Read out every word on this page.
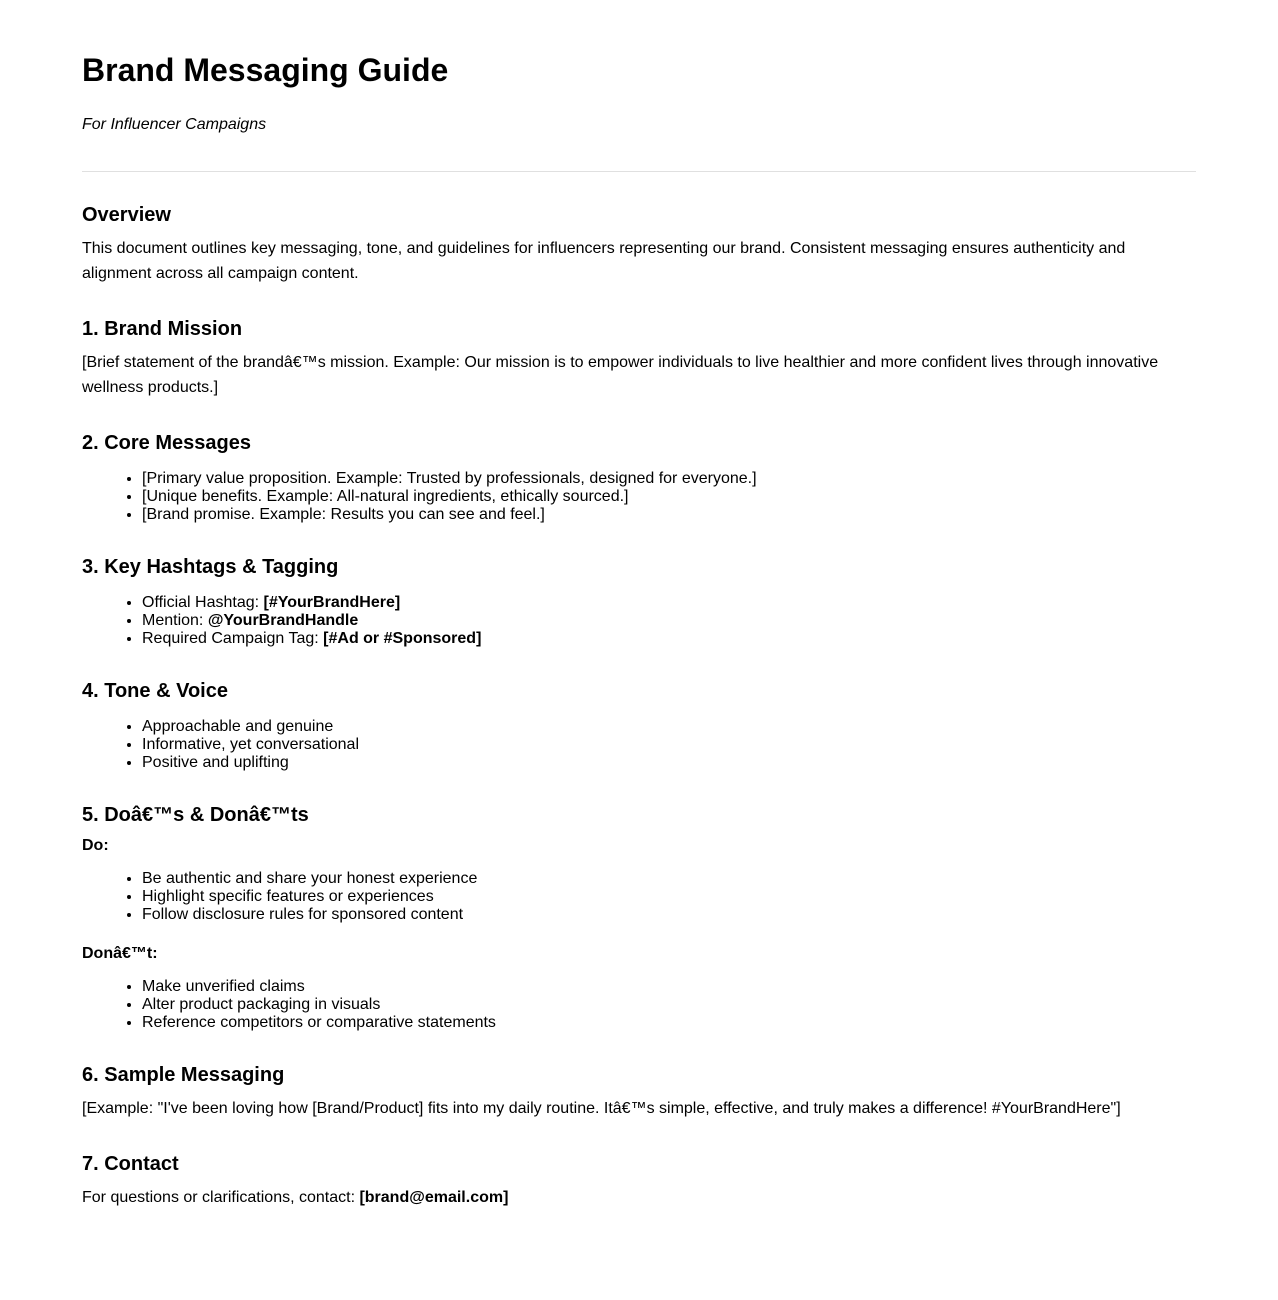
Brand Messaging Guide

For Influencer Campaigns

Overview

This document outlines key messaging, tone, and guidelines for influencers representing our brand. Consistent messaging ensures authenticity and alignment across all campaign content.

1. Brand Mission

[Brief statement of the brandâ€™s mission. Example: Our mission is to empower individuals to live healthier and more confident lives through innovative wellness products.]

2. Core Messages
• [Primary value proposition. Example: Trusted by professionals, designed for everyone.]
• [Unique benefits. Example: All-natural ingredients, ethically sourced.]
• [Brand promise. Example: Results you can see and feel.]
3. Key Hashtags & Tagging
• Official Hashtag: [#YourBrandHere]
• Mention: @YourBrandHandle
• Required Campaign Tag: [#Ad or #Sponsored]
4. Tone & Voice
• Approachable and genuine
• Informative, yet conversational
• Positive and uplifting
5. Doâ€™s & Donâ€™ts

Do:

• Be authentic and share your honest experience
• Highlight specific features or experiences
• Follow disclosure rules for sponsored content

Donâ€™t:

• Make unverified claims
• Alter product packaging in visuals
• Reference competitors or comparative statements
6. Sample Messaging

[Example: "I've been loving how [Brand/Product] fits into my daily routine. Itâ€™s simple, effective, and truly makes a difference! #YourBrandHere"]

7. Contact

For questions or clarifications, contact: [brand@email.com]
